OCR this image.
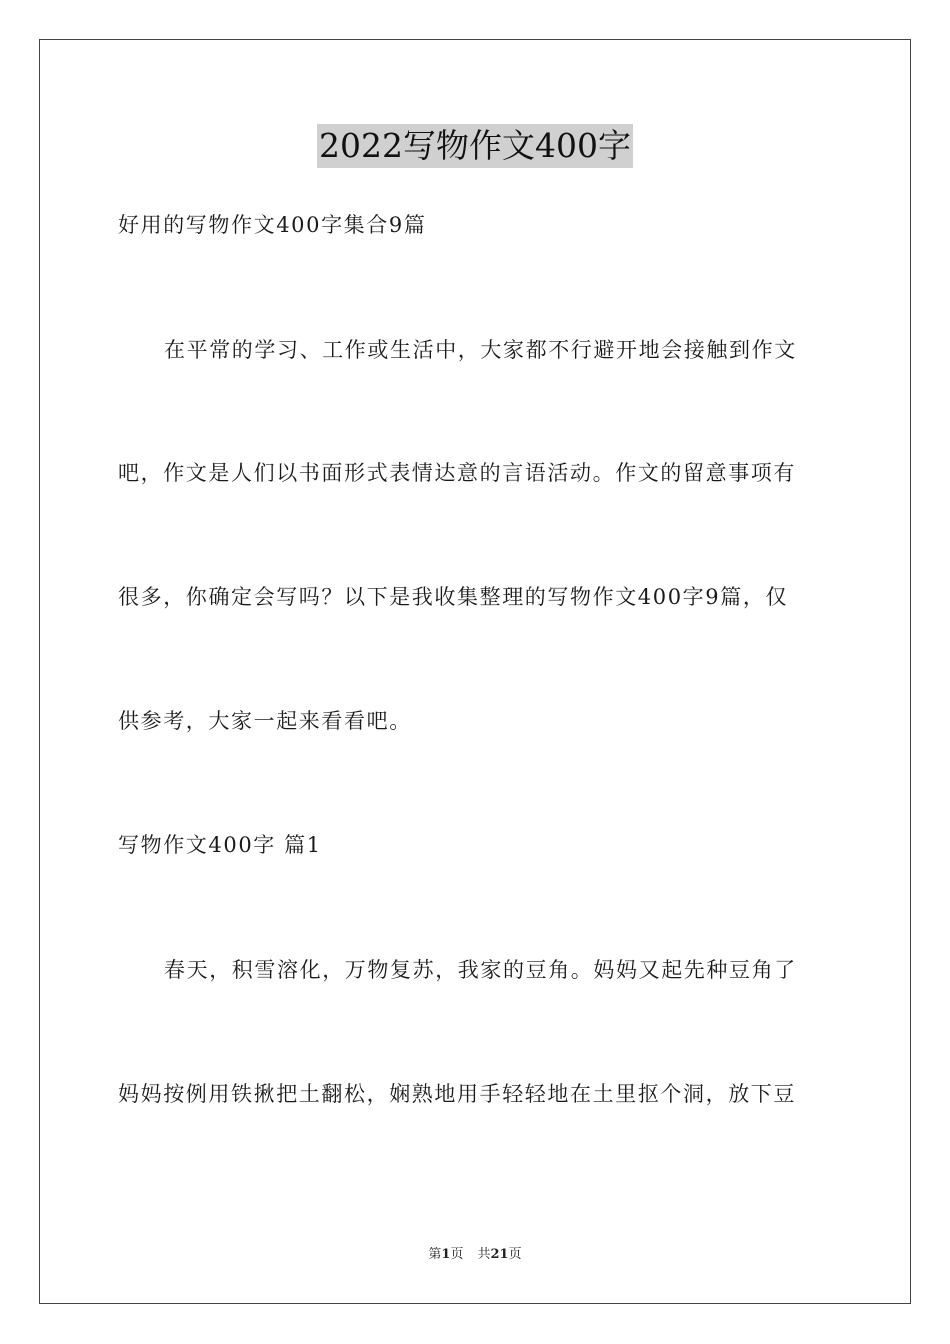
2022写物作文400字
好用的写物作文400字集合9篇
在平常的学习、工作或生活中，大家都不行避开地会接触到作文
吧，作文是人们以书面形式表情达意的言语活动。作文的留意事项有
很多，你确定会写吗？以下是我收集整理的写物作文400字9篇，仅
供参考，大家一起来看看吧。
写物作文400字 篇1
春天，积雪溶化，万物复苏，我家的豆角。妈妈又起先种豆角了
妈妈按例用铁揪把土翻松，娴熟地用手轻轻地在土里抠个洞，放下豆
第1页 共21页
